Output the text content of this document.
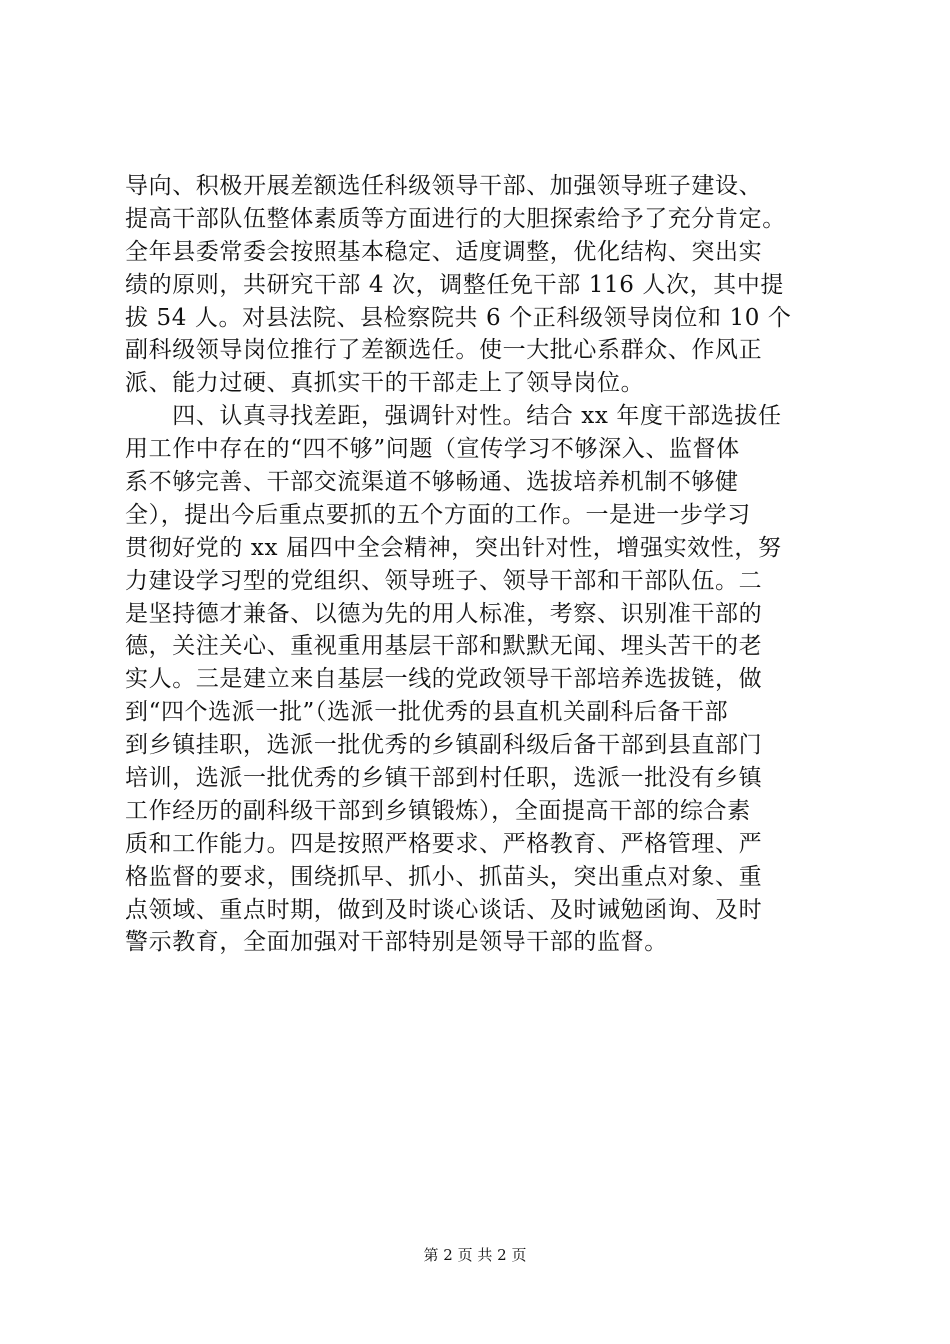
导向、积极开展差额选任科级领导干部、加强领导班子建设、
提高干部队伍整体素质等方面进行的大胆探索给予了充分肯定。
全年县委常委会按照基本稳定、适度调整，优化结构、突出实
绩的原则，共研究干部 4 次，调整任免干部 116 人次，其中提
拔 54 人。对县法院、县检察院共 6 个正科级领导岗位和 10 个
副科级领导岗位推行了差额选任。使一大批心系群众、作风正
派、能力过硬、真抓实干的干部走上了领导岗位。
　　四、认真寻找差距，强调针对性。结合 xx 年度干部选拔任
用工作中存在的“四不够”问题（宣传学习不够深入、监督体
系不够完善、干部交流渠道不够畅通、选拔培养机制不够健
全），提出今后重点要抓的五个方面的工作。一是进一步学习
贯彻好党的 xx 届四中全会精神，突出针对性，增强实效性，努
力建设学习型的党组织、领导班子、领导干部和干部队伍。二
是坚持德才兼备、以德为先的用人标准，考察、识别准干部的
德，关注关心、重视重用基层干部和默默无闻、埋头苦干的老
实人。三是建立来自基层一线的党政领导干部培养选拔链，做
到“四个选派一批”（选派一批优秀的县直机关副科后备干部
到乡镇挂职，选派一批优秀的乡镇副科级后备干部到县直部门
培训，选派一批优秀的乡镇干部到村任职，选派一批没有乡镇
工作经历的副科级干部到乡镇锻炼），全面提高干部的综合素
质和工作能力。四是按照严格要求、严格教育、严格管理、严
格监督的要求，围绕抓早、抓小、抓苗头，突出重点对象、重
点领域、重点时期，做到及时谈心谈话、及时诫勉函询、及时
警示教育，全面加强对干部特别是领导干部的监督。
第 2 页 共 2 页
